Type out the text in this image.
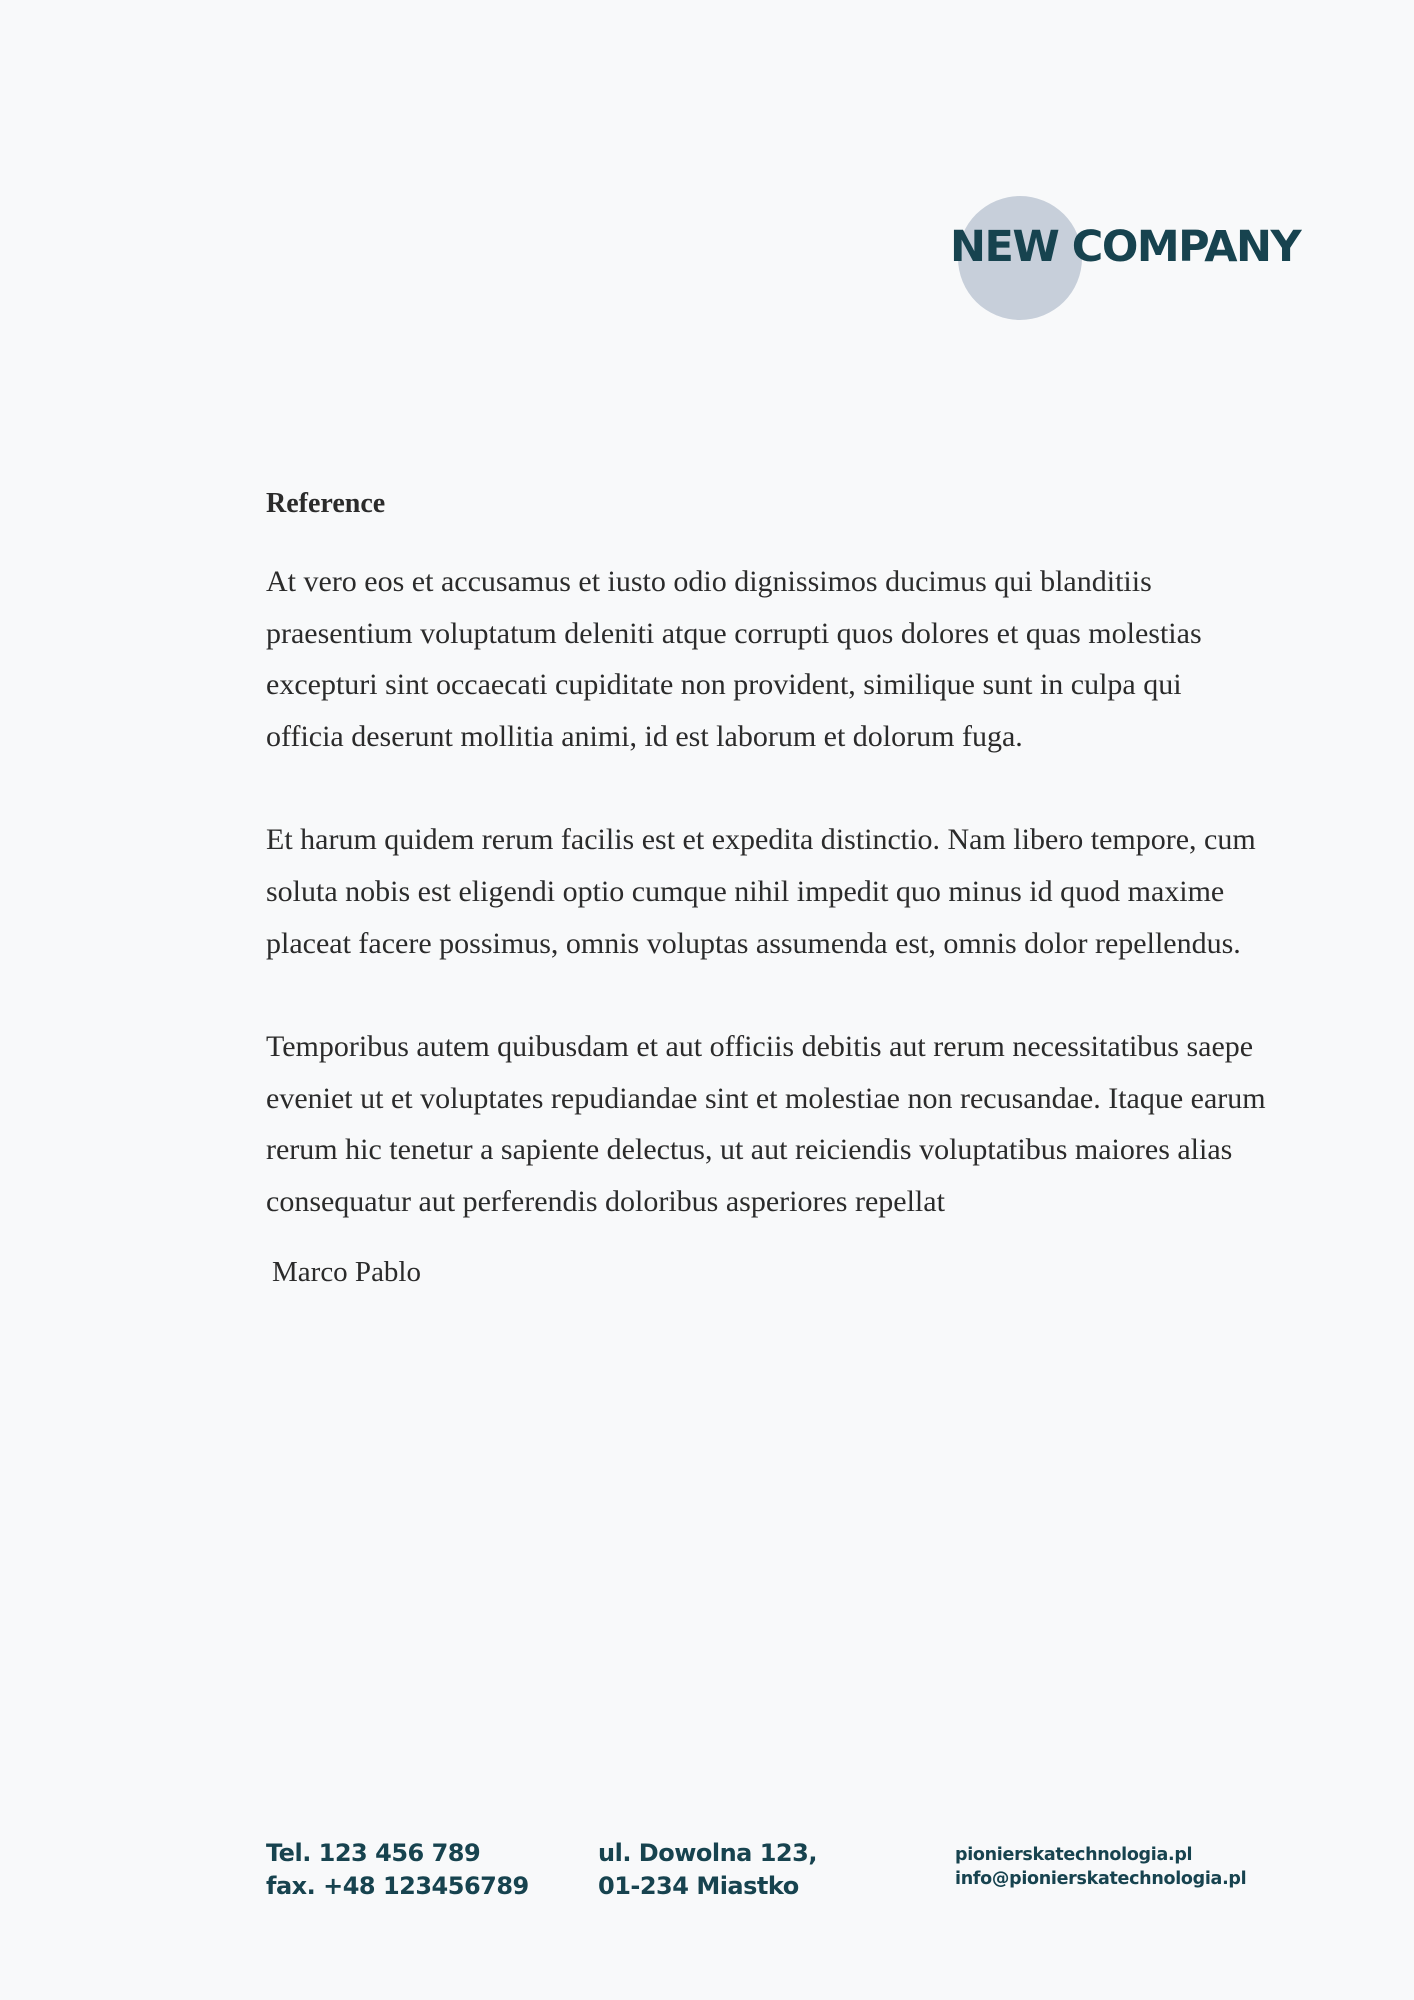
NEW COMPANY
Reference

At vero eos et accusamus et iusto odio dignissimos ducimus qui blanditiis praesentium voluptatum deleniti atque corrupti quos dolores et quas molestias excepturi sint occaecati cupiditate non provident, similique sunt in culpa qui officia deserunt mollitia animi, id est laborum et dolorum fuga.

Et harum quidem rerum facilis est et expedita distinctio. Nam libero tempore, cum soluta nobis est eligendi optio cumque nihil impedit quo minus id quod maxime placeat facere possimus, omnis voluptas assumenda est, omnis dolor repellendus.

Temporibus autem quibusdam et aut officiis debitis aut rerum necessitatibus saepe eveniet ut et voluptates repudiandae sint et molestiae non recusandae. Itaque earum rerum hic tenetur a sapiente delectus, ut aut reiciendis voluptatibus maiores alias consequatur aut perferendis doloribus asperiores repellat

Marco Pablo

Tel. 123 456 789
fax. +48 123456789
ul. Dowolna 123,
01-234 Miastko
pionierskatechnologia.pl
info@pionierskatechnologia.pl
